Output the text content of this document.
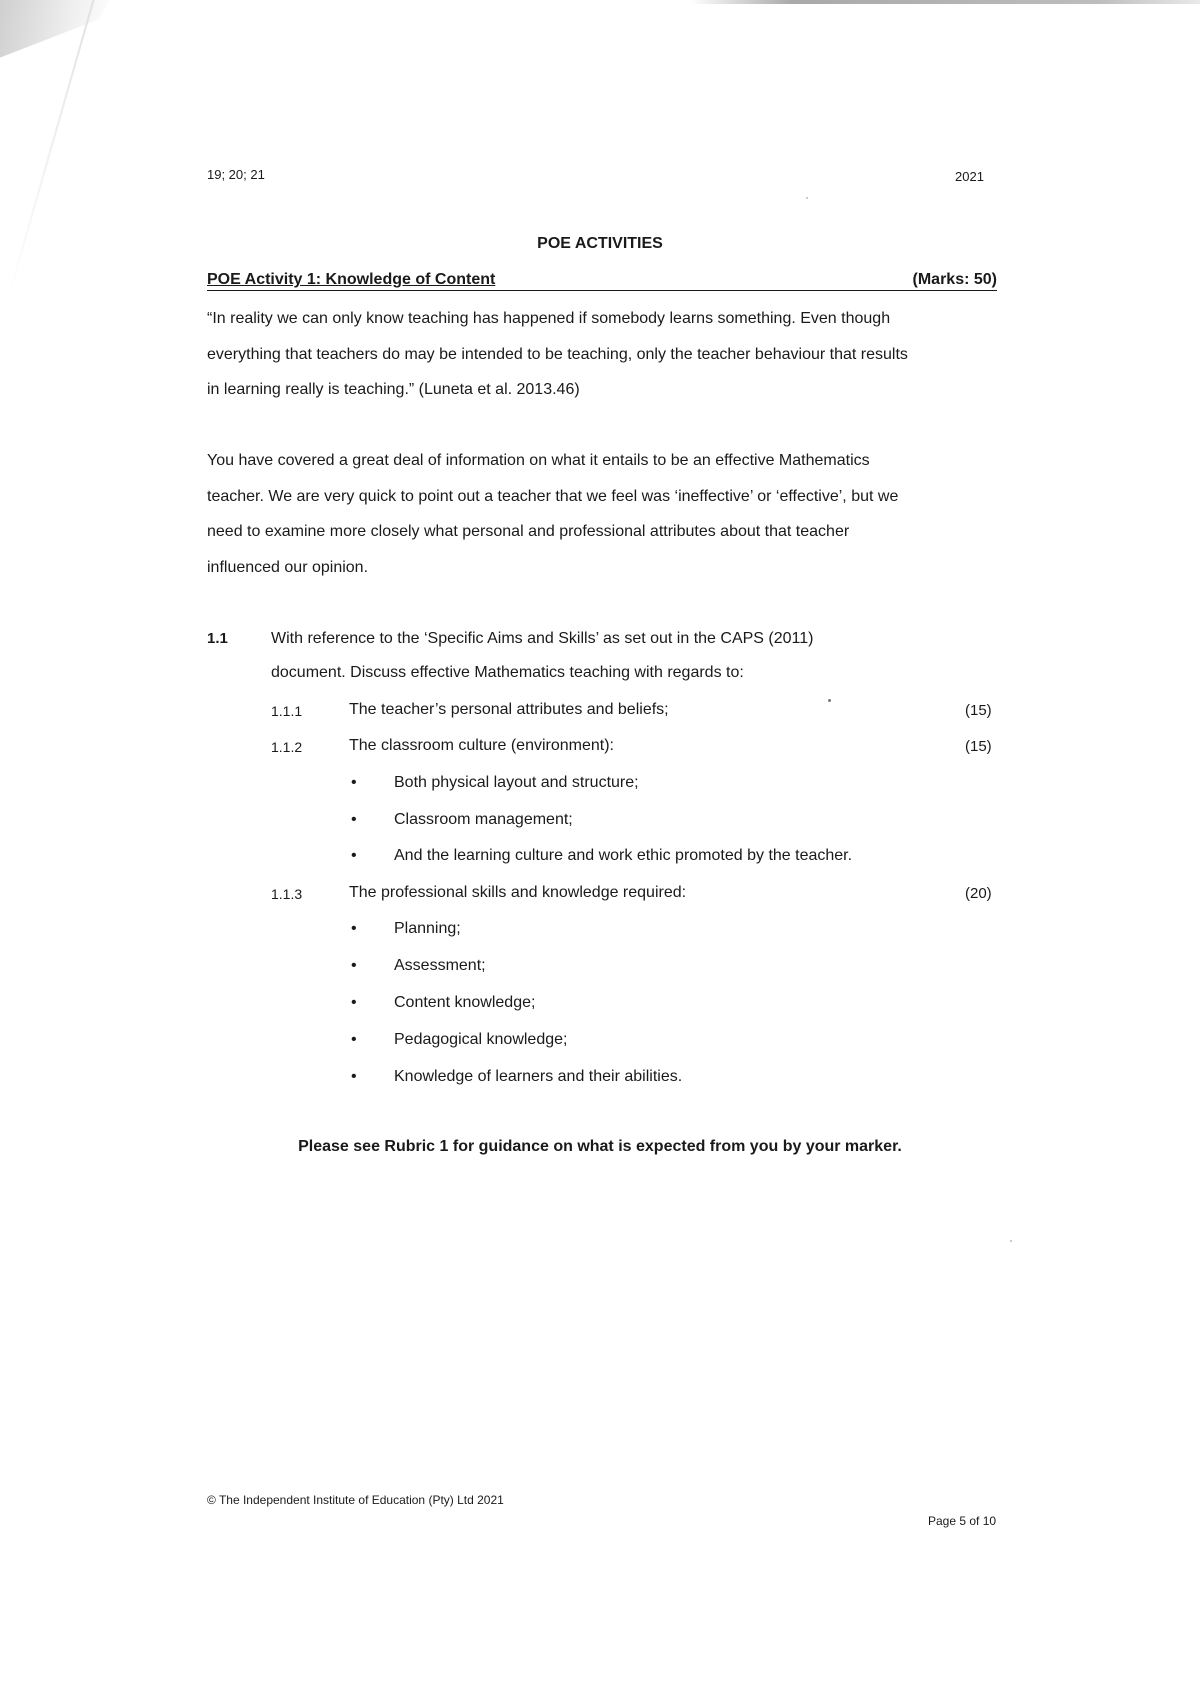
19; 20; 21	2021
POE ACTIVITIES
POE Activity 1: Knowledge of Content	(Marks: 50)
“In reality we can only know teaching has happened if somebody learns something. Even though
everything that teachers do may be intended to be teaching, only the teacher behaviour that results
in learning really is teaching.” (Luneta et al. 2013.46)
You have covered a great deal of information on what it entails to be an effective Mathematics
teacher. We are very quick to point out a teacher that we feel was ‘ineffective’ or ‘effective’, but we
need to examine more closely what personal and professional attributes about that teacher
influenced our opinion.
1.1	With reference to the ‘Specific Aims and Skills’ as set out in the CAPS (2011)
document. Discuss effective Mathematics teaching with regards to:
1.1.1	The teacher’s personal attributes and beliefs;	(15)
1.1.2	The classroom culture (environment):	(15)
• Both physical layout and structure;
• Classroom management;
• And the learning culture and work ethic promoted by the teacher.
1.1.3	The professional skills and knowledge required:	(20)
• Planning;
• Assessment;
• Content knowledge;
• Pedagogical knowledge;
• Knowledge of learners and their abilities.
Please see Rubric 1 for guidance on what is expected from you by your marker.
© The Independent Institute of Education (Pty) Ltd 2021
Page 5 of 10
